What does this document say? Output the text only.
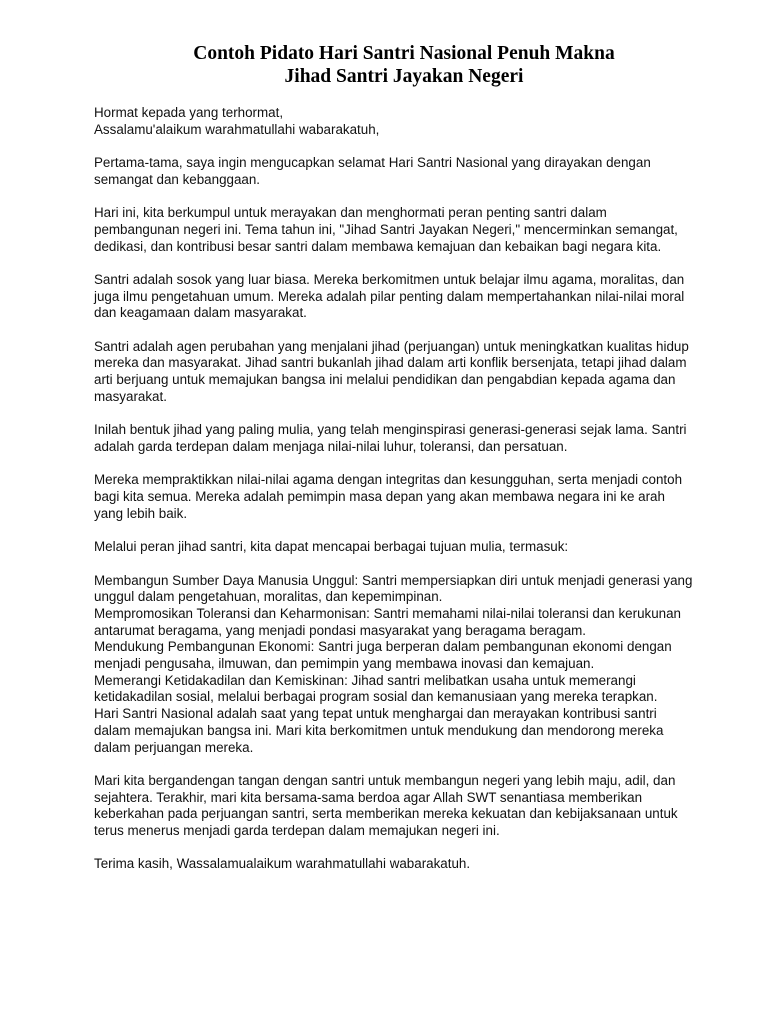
Contoh Pidato Hari Santri Nasional Penuh Makna
Jihad Santri Jayakan Negeri
Hormat kepada yang terhormat,
Assalamu'alaikum warahmatullahi wabarakatuh,

Pertama-tama, saya ingin mengucapkan selamat Hari Santri Nasional yang dirayakan dengan semangat dan kebanggaan.

Hari ini, kita berkumpul untuk merayakan dan menghormati peran penting santri dalam pembangunan negeri ini. Tema tahun ini, "Jihad Santri Jayakan Negeri," mencerminkan semangat, dedikasi, dan kontribusi besar santri dalam membawa kemajuan dan kebaikan bagi negara kita.

Santri adalah sosok yang luar biasa. Mereka berkomitmen untuk belajar ilmu agama, moralitas, dan juga ilmu pengetahuan umum. Mereka adalah pilar penting dalam mempertahankan nilai-nilai moral dan keagamaan dalam masyarakat.

Santri adalah agen perubahan yang menjalani jihad (perjuangan) untuk meningkatkan kualitas hidup mereka dan masyarakat. Jihad santri bukanlah jihad dalam arti konflik bersenjata, tetapi jihad dalam arti berjuang untuk memajukan bangsa ini melalui pendidikan dan pengabdian kepada agama dan masyarakat.

Inilah bentuk jihad yang paling mulia, yang telah menginspirasi generasi-generasi sejak lama. Santri adalah garda terdepan dalam menjaga nilai-nilai luhur, toleransi, dan persatuan.

Mereka mempraktikkan nilai-nilai agama dengan integritas dan kesungguhan, serta menjadi contoh bagi kita semua. Mereka adalah pemimpin masa depan yang akan membawa negara ini ke arah yang lebih baik.

Melalui peran jihad santri, kita dapat mencapai berbagai tujuan mulia, termasuk:

Membangun Sumber Daya Manusia Unggul: Santri mempersiapkan diri untuk menjadi generasi yang unggul dalam pengetahuan, moralitas, dan kepemimpinan.
Mempromosikan Toleransi dan Keharmonisan: Santri memahami nilai-nilai toleransi dan kerukunan antarumat beragama, yang menjadi pondasi masyarakat yang beragama beragam.
Mendukung Pembangunan Ekonomi: Santri juga berperan dalam pembangunan ekonomi dengan menjadi pengusaha, ilmuwan, dan pemimpin yang membawa inovasi dan kemajuan.
Memerangi Ketidakadilan dan Kemiskinan: Jihad santri melibatkan usaha untuk memerangi ketidakadilan sosial, melalui berbagai program sosial dan kemanusiaan yang mereka terapkan.
Hari Santri Nasional adalah saat yang tepat untuk menghargai dan merayakan kontribusi santri dalam memajukan bangsa ini. Mari kita berkomitmen untuk mendukung dan mendorong mereka dalam perjuangan mereka.

Mari kita bergandengan tangan dengan santri untuk membangun negeri yang lebih maju, adil, dan sejahtera. Terakhir, mari kita bersama-sama berdoa agar Allah SWT senantiasa memberikan keberkahan pada perjuangan santri, serta memberikan mereka kekuatan dan kebijaksanaan untuk terus menerus menjadi garda terdepan dalam memajukan negeri ini.

Terima kasih, Wassalamualaikum warahmatullahi wabarakatuh.
